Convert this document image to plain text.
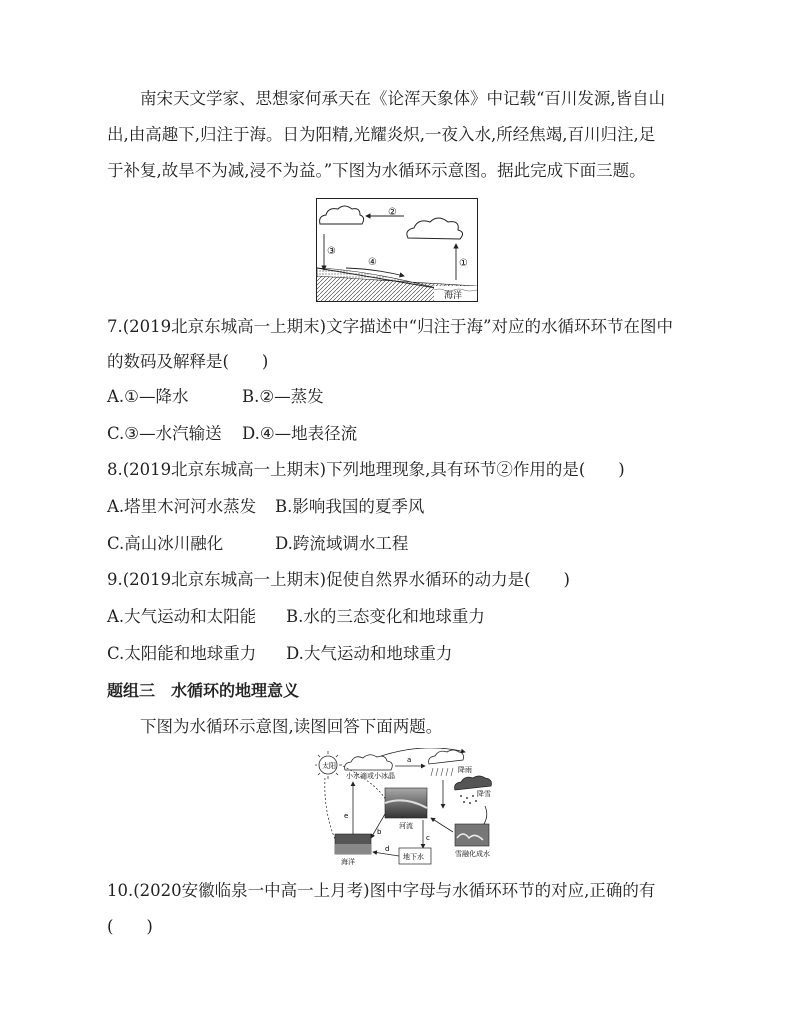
南宋天文学家、思想家何承天在《论浑天象体》中记载“百川发源,皆自山
出,由高趣下,归注于海。日为阳精,光耀炎炽,一夜入水,所经焦竭,百川归注,足
于补复,故旱不为减,浸不为益。”下图为水循环示意图。据此完成下面三题。
②
③
④	①
海洋
7.(2019北京东城高一上期末)文字描述中“归注于海”对应的水循环环节在图中
的数码及解释是(　　)
A.①—降水	B.②—蒸发
C.③—水汽输送 D.④—地表径流
8.(2019北京东城高一上期末)下列地理现象,具有环节②作用的是(　　)
A.塔里木河河水蒸发 B.影响我国的夏季风
C.高山冰川融化	D.跨流域调水工程
9.(2019北京东城高一上期末)促使自然界水循环的动力是(　　)
A.大气运动和太阳能 B.水的三态变化和地球重力
C.太阳能和地球重力 D.大气运动和地球重力
题组三　水循环的地理意义
下图为水循环示意图,读图回答下面两题。
太阳
小水滴或小冰晶
a
降雨
降雪
e
河流
雪融化成水
c
海洋
b
地下水
d
10.(2020安徽临泉一中高一上月考)图中字母与水循环环节的对应,正确的有
(　　)
